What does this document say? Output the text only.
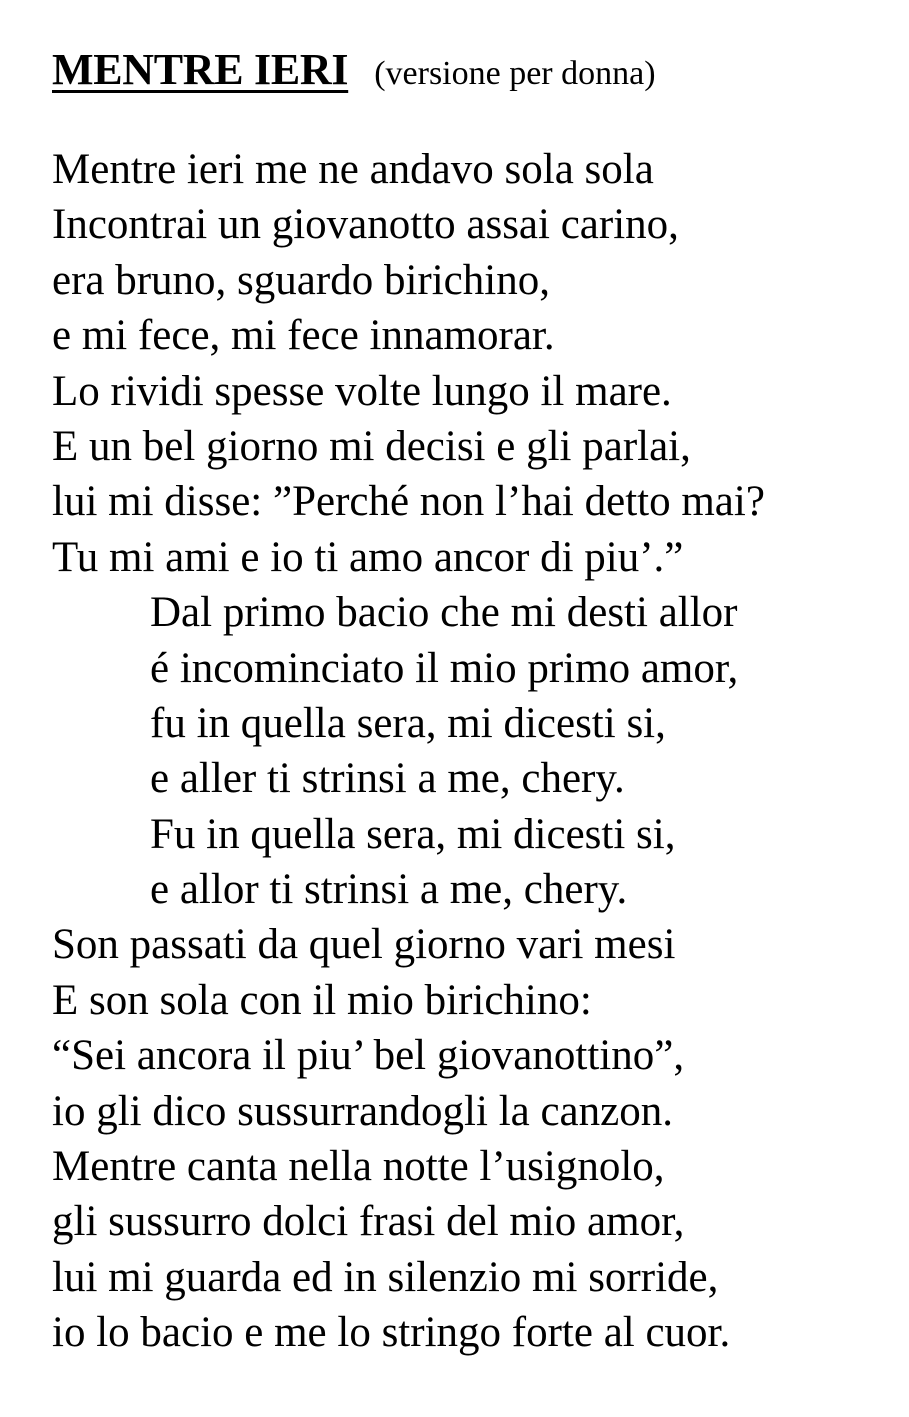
MENTRE IERI (versione per donna)
Mentre ieri me ne andavo sola sola
Incontrai un giovanotto assai carino,
era bruno, sguardo birichino,
e mi fece, mi fece innamorar.
Lo rividi spesse volte lungo il mare.
E un bel giorno mi decisi e gli parlai,
lui mi disse: ”Perché non l’hai detto mai?
Tu mi ami e io ti amo ancor di piu’.”
Dal primo bacio che mi desti allor
é incominciato il mio primo amor,
fu in quella sera, mi dicesti si,
e aller ti strinsi a me, chery.
Fu in quella sera, mi dicesti si,
e allor ti strinsi a me, chery.
Son passati da quel giorno vari mesi
E son sola con il mio birichino:
“Sei ancora il piu’ bel giovanottino”,
io gli dico sussurrandogli la canzon.
Mentre canta nella notte l’usignolo,
gli sussurro dolci frasi del mio amor,
lui mi guarda ed in silenzio mi sorride,
io lo bacio e me lo stringo forte al cuor.
